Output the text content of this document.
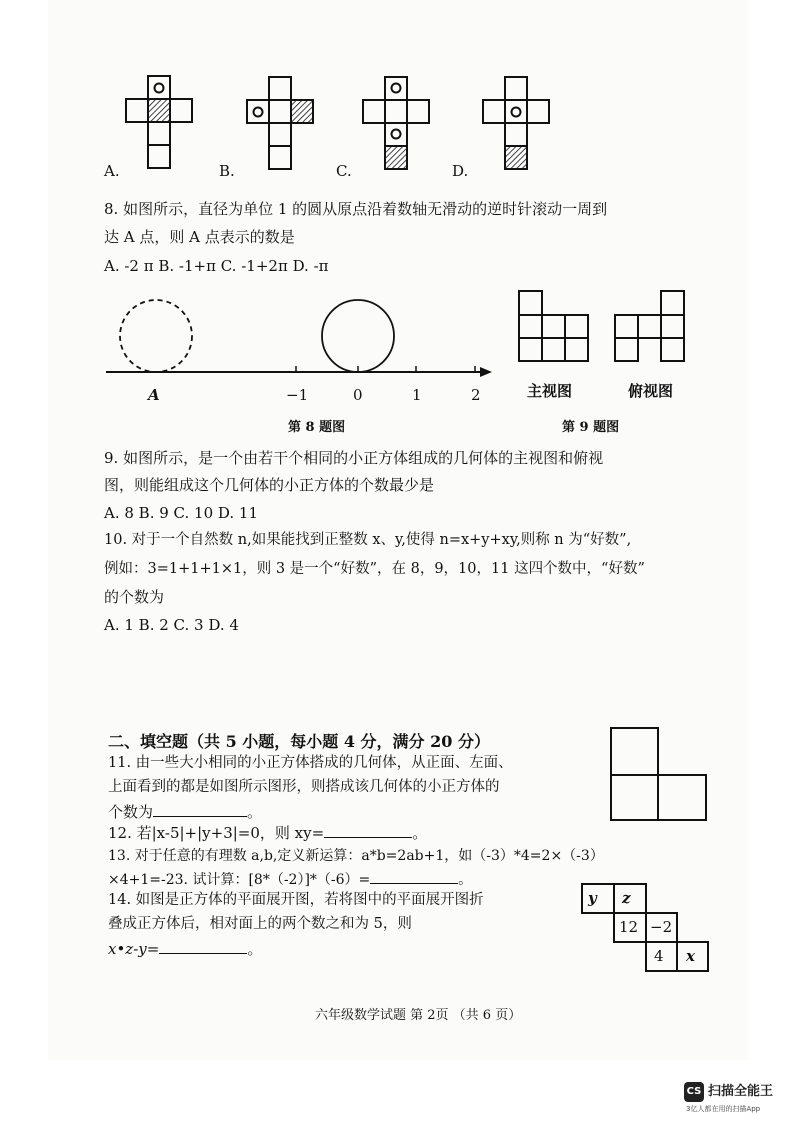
A.	B.	C.	D.
8. 如图所示，直径为单位 1 的圆从原点沿着数轴无滑动的逆时针滚动一周到
达 A 点，则 A 点表示的数是
A. -2 π B. -1+π C. -1+2π D. -π
A	−1	0	1	2
第 8 题图
主视图	俯视图
第 9 题图
9. 如图所示，是一个由若干个相同的小正方体组成的几何体的主视图和俯视
图，则能组成这个几何体的小正方体的个数最少是
A. 8 B. 9 C. 10 D. 11
10. 对于一个自然数 n,如果能找到正整数 x、y,使得 n=x+y+xy,则称 n 为“好数”,
例如：3=1+1+1×1，则 3 是一个“好数”，在 8，9，10，11 这四个数中，“好数”
的个数为
A. 1 B. 2 C. 3 D. 4
二、填空题（共 5 小题，每小题 4 分，满分 20 分）
11. 由一些大小相同的小正方体搭成的几何体，从正面、左面、
上面看到的都是如图所示图形，则搭成该几何体的小正方体的
个数为	。
12. 若|x-5|+|y+3|=0，则 xy=	。
13. 对于任意的有理数 a,b,定义新运算：a*b=2ab+1，如（-3）*4=2×（-3）
×4+1=-23. 试计算：[8*（-2）]*（-6）=	。
14. 如图是正方体的平面展开图，若将图中的平面展开图折
叠成正方体后，相对面上的两个数之和为 5，则
x•z-y=	。
y z
12 −2
4 x
六年级数学试题 第 2页 （共 6 页）
CS 扫描全能王
3亿人都在用的扫描App
